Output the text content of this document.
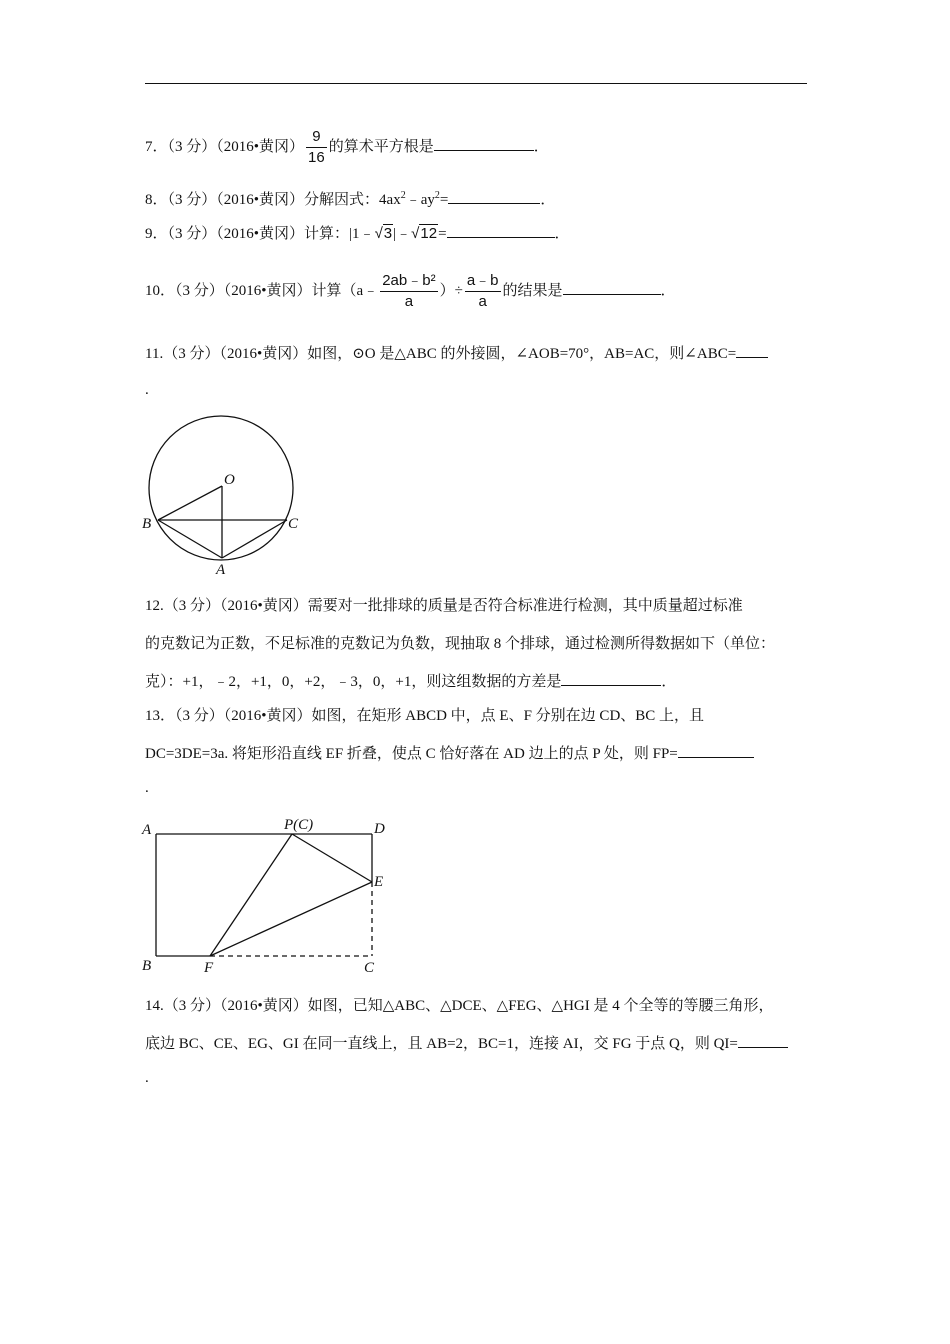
7．（3 分）（2016•黄冈） $\frac{9}{16}$ 的算术平方根是	．
8．（3 分）（2016•黄冈）分解因式：$4ax^2﹣ay^2=$	．
9．（3 分）（2016•黄冈）计算：|1﹣√3|﹣√12=	．
10．（3 分）（2016•黄冈）计算（a﹣ $\frac{\text{2ab﹣b²}}{a}$ ）÷ $\frac{a﹣b}{a}$ 的结果是	．
11.（3 分）（2016•黄冈）如图，⊙O 是△ABC 的外接圆，∠AOB=70°，AB=AC，则∠ABC=
.
O
B	C
A
12.（3 分）（2016•黄冈）需要对一批排球的质量是否符合标准进行检测，其中质量超过标准
的克数记为正数，不足标准的克数记为负数，现抽取 8 个排球，通过检测所得数据如下（单位：
克）：+1，﹣2，+1，0，+2，﹣3，0，+1，则这组数据的方差是	．
13．（3 分）（2016•黄冈）如图，在矩形 ABCD 中，点 E、F 分别在边 CD、BC 上，且
DC=3DE=3a. 将矩形沿直线 EF 折叠，使点 C 恰好落在 AD 边上的点 P 处，则 FP=
.
A	P(C)	D
E
B	F	C
14.（3 分）（2016•黄冈）如图，已知△ABC、△DCE、△FEG、△HGI 是 4 个全等的等腰三角形，
底边 BC、CE、EG、GI 在同一直线上，且 AB=2，BC=1，连接 AI，交 FG 于点 Q，则 QI=
.
